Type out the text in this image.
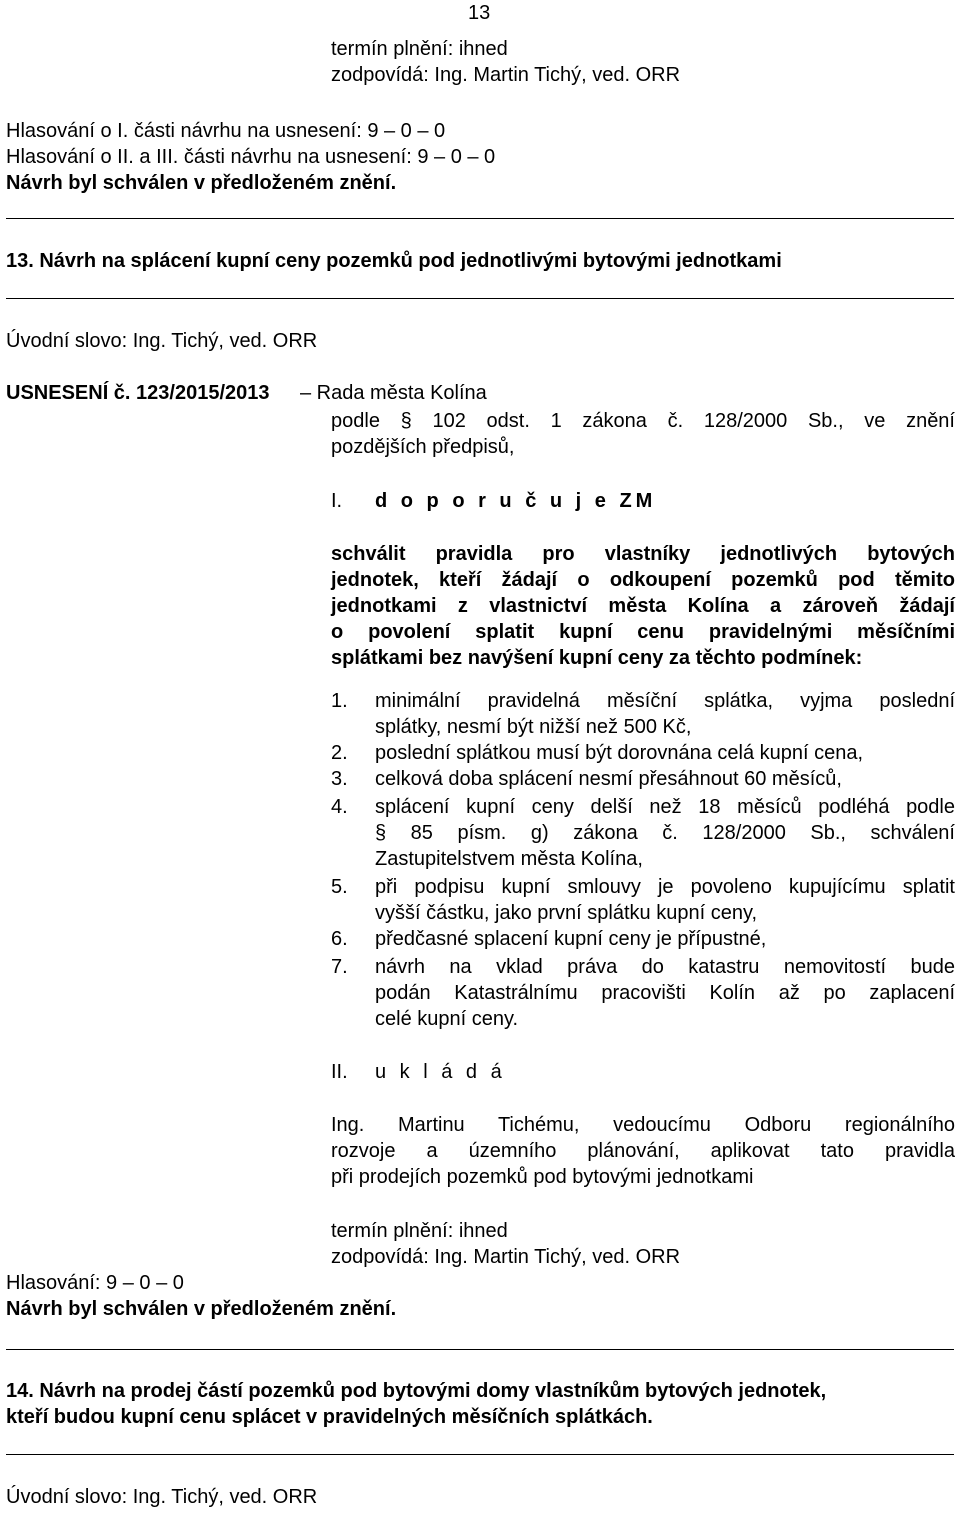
13
termín plnění: ihned
zodpovídá: Ing. Martin Tichý, ved. ORR
Hlasování o I. části návrhu na usnesení: 9 – 0 – 0
Hlasování o II. a III. části návrhu na usnesení: 9 – 0 – 0
Návrh byl schválen v předloženém znění.
13. Návrh na splácení kupní ceny pozemků pod jednotlivými bytovými jednotkami
Úvodní slovo: Ing. Tichý, ved. ORR
USNESENÍ č. 123/2015/2013 – Rada města Kolína
podle § 102 odst. 1 zákona č. 128/2000 Sb., ve znění
pozdějších předpisů,
I. d o p o r u č u j e ZM
schválit pravidla pro vlastníky jednotlivých bytových
jednotek, kteří žádají o odkoupení pozemků pod těmito
jednotkami z vlastnictví města Kolína a zároveň žádají
o povolení splatit kupní cenu pravidelnými měsíčními
splátkami bez navýšení kupní ceny za těchto podmínek:
1. minimální pravidelná měsíční splátka, vyjma poslední
splátky, nesmí být nižší než 500 Kč,
2. poslední splátkou musí být dorovnána celá kupní cena,
3. celková doba splácení nesmí přesáhnout 60 měsíců,
4. splácení kupní ceny delší než 18 měsíců podléhá podle
§ 85 písm. g) zákona č. 128/2000 Sb., schválení
Zastupitelstvem města Kolína,
5. při podpisu kupní smlouvy je povoleno kupujícímu splatit
vyšší částku, jako první splátku kupní ceny,
6. předčasné splacení kupní ceny je přípustné,
7. návrh na vklad práva do katastru nemovitostí bude
podán Katastrálnímu pracovišti Kolín až po zaplacení
celé kupní ceny.
II. u k l á d á
Ing. Martinu Tichému, vedoucímu Odboru regionálního
rozvoje a územního plánování, aplikovat tato pravidla
při prodejích pozemků pod bytovými jednotkami
termín plnění: ihned
zodpovídá: Ing. Martin Tichý, ved. ORR
Hlasování: 9 – 0 – 0
Návrh byl schválen v předloženém znění.
14. Návrh na prodej částí pozemků pod bytovými domy vlastníkům bytových jednotek,
kteří budou kupní cenu splácet v pravidelných měsíčních splátkách.
Úvodní slovo: Ing. Tichý, ved. ORR
